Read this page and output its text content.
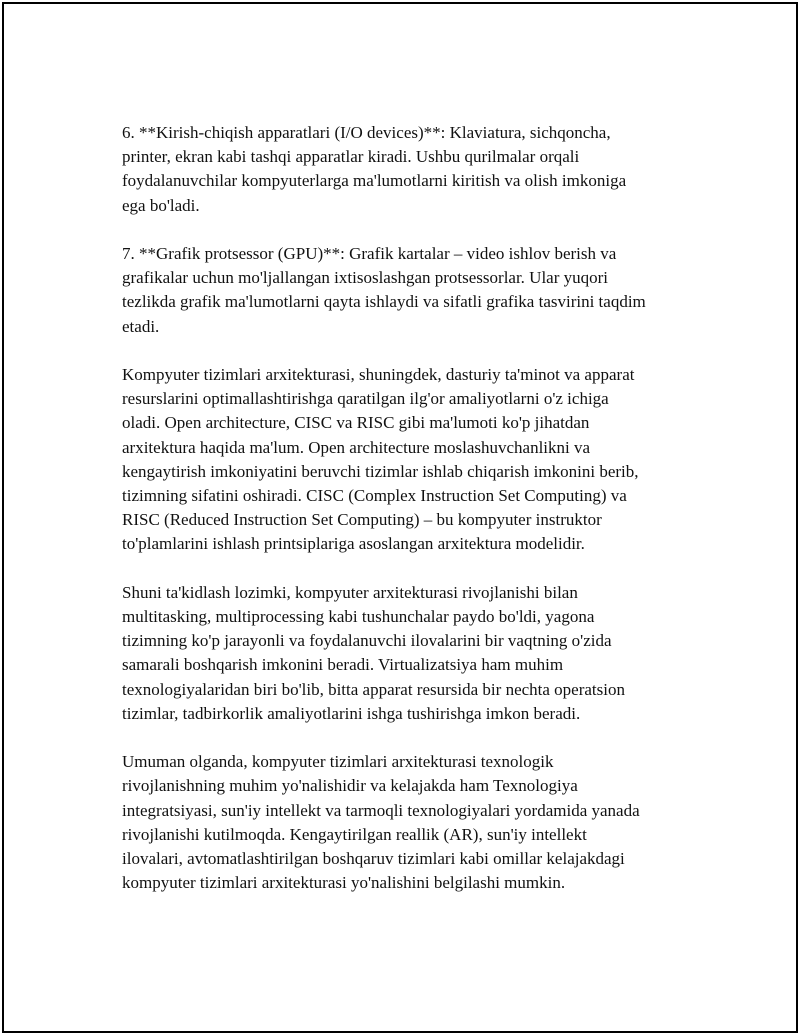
6. **Kirish-chiqish apparatlari (I/O devices)**: Klaviatura, sichqoncha,
printer, ekran kabi tashqi apparatlar kiradi. Ushbu qurilmalar orqali
foydalanuvchilar kompyuterlarga ma'lumotlarni kiritish va olish imkoniga
ega bo'ladi.

7. **Grafik protsessor (GPU)**: Grafik kartalar – video ishlov berish va
grafikalar uchun mo'ljallangan ixtisoslashgan protsessorlar. Ular yuqori
tezlikda grafik ma'lumotlarni qayta ishlaydi va sifatli grafika tasvirini taqdim
etadi.

Kompyuter tizimlari arxitekturasi, shuningdek, dasturiy ta'minot va apparat
resurslarini optimallashtirishga qaratilgan ilg'or amaliyotlarni o'z ichiga
oladi. Open architecture, CISC va RISC gibi ma'lumoti ko'p jihatdan
arxitektura haqida ma'lum. Open architecture moslashuvchanlikni va
kengaytirish imkoniyatini beruvchi tizimlar ishlab chiqarish imkonini berib,
tizimning sifatini oshiradi. CISC (Complex Instruction Set Computing) va
RISC (Reduced Instruction Set Computing) – bu kompyuter instruktor
to'plamlarini ishlash printsiplariga asoslangan arxitektura modelidir.

Shuni ta'kidlash lozimki, kompyuter arxitekturasi rivojlanishi bilan
multitasking, multiprocessing kabi tushunchalar paydo bo'ldi, yagona
tizimning ko'p jarayonli va foydalanuvchi ilovalarini bir vaqtning o'zida
samarali boshqarish imkonini beradi. Virtualizatsiya ham muhim
texnologiyalaridan biri bo'lib, bitta apparat resursida bir nechta operatsion
tizimlar, tadbirkorlik amaliyotlarini ishga tushirishga imkon beradi.

Umuman olganda, kompyuter tizimlari arxitekturasi texnologik
rivojlanishning muhim yo'nalishidir va kelajakda ham Texnologiya
integratsiyasi, sun'iy intellekt va tarmoqli texnologiyalari yordamida yanada
rivojlanishi kutilmoqda. Kengaytirilgan reallik (AR), sun'iy intellekt
ilovalari, avtomatlashtirilgan boshqaruv tizimlari kabi omillar kelajakdagi
kompyuter tizimlari arxitekturasi yo'nalishini belgilashi mumkin.
